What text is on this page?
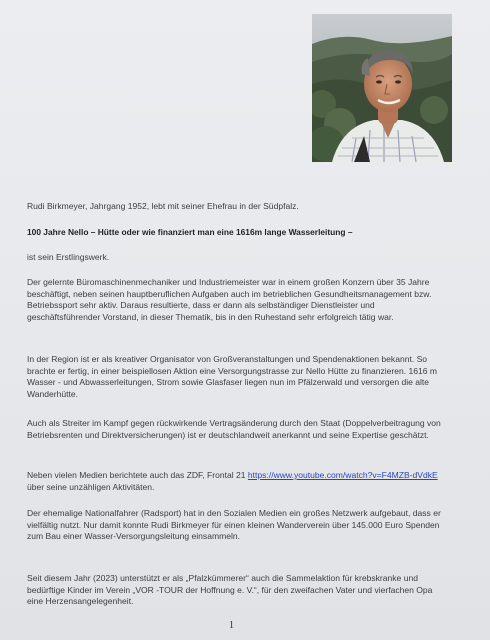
Rudi Birkmeyer, Jahrgang 1952, lebt mit seiner Ehefrau in der Südpfalz.

100 Jahre Nello – Hütte oder wie finanziert man eine 1616m lange Wasserleitung –

ist sein Erstlingswerk.

Der gelernte Büromaschinenmechaniker und Industriemeister war in einem großen Konzern über 35 Jahre beschäftigt, neben seinen hauptberuflichen Aufgaben auch im betrieblichen Gesundheitsmanagement bzw. Betriebssport sehr aktiv. Daraus resultierte, dass er dann als selbständiger Dienstleister und geschäftsführender Vorstand, in dieser Thematik, bis in den Ruhestand sehr erfolgreich tätig war.

In der Region ist er als kreativer Organisator von Großveranstaltungen und Spendenaktionen bekannt. So brachte er fertig, in einer beispiellosen Aktion eine Versorgungstrasse zur Nello Hütte zu finanzieren. 1616 m Wasser - und Abwasserleitungen, Strom sowie Glasfaser liegen nun im Pfälzerwald und versorgen die alte Wanderhütte.

Auch als Streiter im Kampf gegen rückwirkende Vertragsänderung durch den Staat (Doppelverbeitragung von Betriebsrenten und Direktversicherungen) ist er deutschlandweit anerkannt und seine Expertise geschätzt.

Neben vielen Medien berichtete auch das ZDF, Frontal 21 https://www.youtube.com/watch?v=F4MZB-dVdkE über seine unzähligen Aktivitäten.

Der ehemalige Nationalfahrer (Radsport) hat in den Sozialen Medien ein großes Netzwerk aufgebaut, dass er vielfältig nutzt. Nur damit konnte Rudi Birkmeyer für einen kleinen Wanderverein über 145.000 Euro Spenden zum Bau einer Wasser-Versorgungsleitung einsammeln.

Seit diesem Jahr (2023) unterstützt er als „Pfalzkümmerer“ auch die Sammelaktion für krebskranke und bedürftige Kinder im Verein „VOR -TOUR der Hoffnung e. V.“, für den zweifachen Vater und vierfachen Opa eine Herzensangelegenheit.

1
